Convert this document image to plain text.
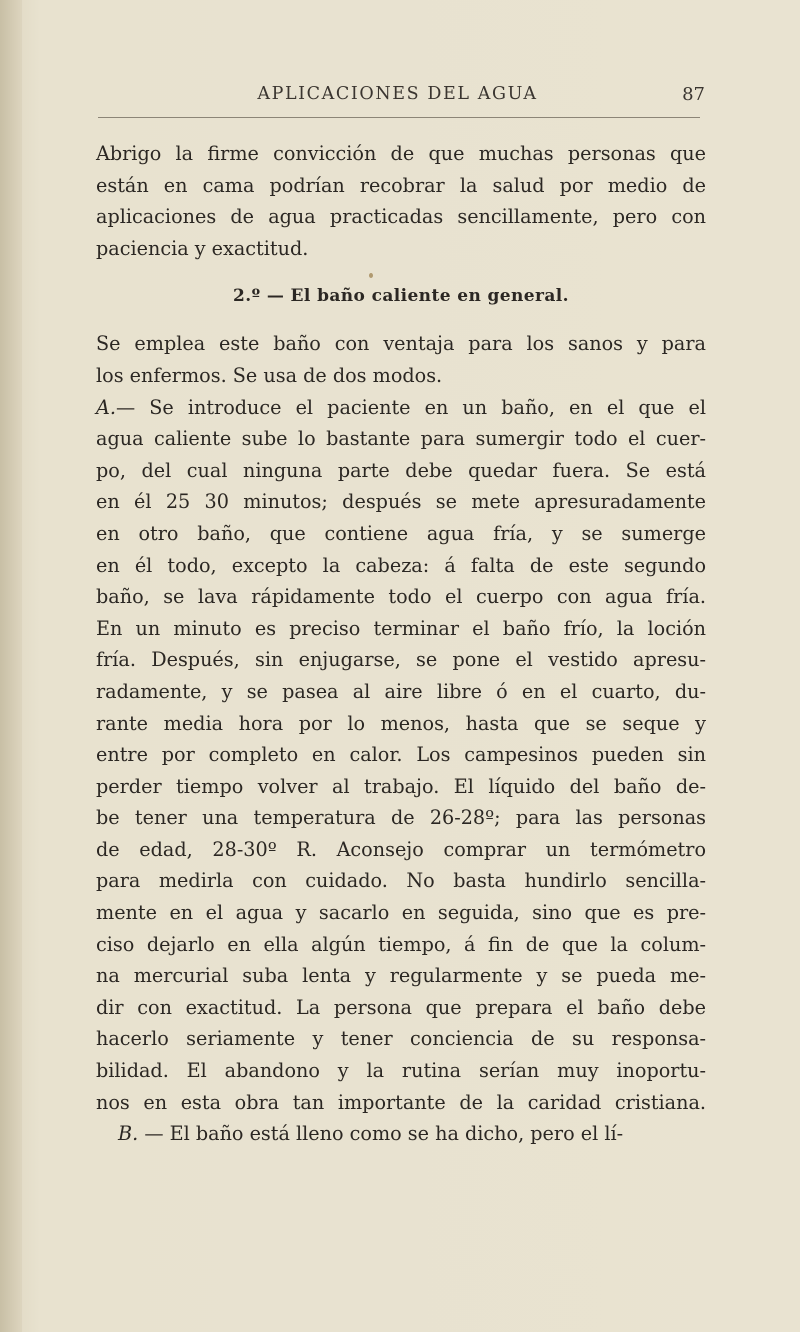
APLICACIONES DEL AGUA	87
Abrigo la firme convicción de que muchas personas que
están en cama podrían recobrar la salud por medio de
aplicaciones de agua practicadas sencillamente, pero con
paciencia y exactitud.
2.º — El baño caliente en general.
Se emplea este baño con ventaja para los sanos y para
los enfermos. Se usa de dos modos.
A.— Se introduce el paciente en un baño, en el que el
agua caliente sube lo bastante para sumergir todo el cuer-
po, del cual ninguna parte debe quedar fuera. Se está
en él 25 30 minutos; después se mete apresuradamente
en otro baño, que contiene agua fría, y se sumerge
en él todo, excepto la cabeza: á falta de este segundo
baño, se lava rápidamente todo el cuerpo con agua fría.
En un minuto es preciso terminar el baño frío, la loción
fría. Después, sin enjugarse, se pone el vestido apresu-
radamente, y se pasea al aire libre ó en el cuarto, du-
rante media hora por lo menos, hasta que se seque y
entre por completo en calor. Los campesinos pueden sin
perder tiempo volver al trabajo. El líquido del baño de-
be tener una temperatura de 26-28º; para las personas
de edad, 28-30º R. Aconsejo comprar un termómetro
para medirla con cuidado. No basta hundirlo sencilla-
mente en el agua y sacarlo en seguida, sino que es pre-
ciso dejarlo en ella algún tiempo, á fin de que la colum-
na mercurial suba lenta y regularmente y se pueda me-
dir con exactitud. La persona que prepara el baño debe
hacerlo seriamente y tener conciencia de su responsa-
bilidad. El abandono y la rutina serían muy inoportu-
nos en esta obra tan importante de la caridad cristiana.
B. — El baño está lleno como se ha dicho, pero el lí-
